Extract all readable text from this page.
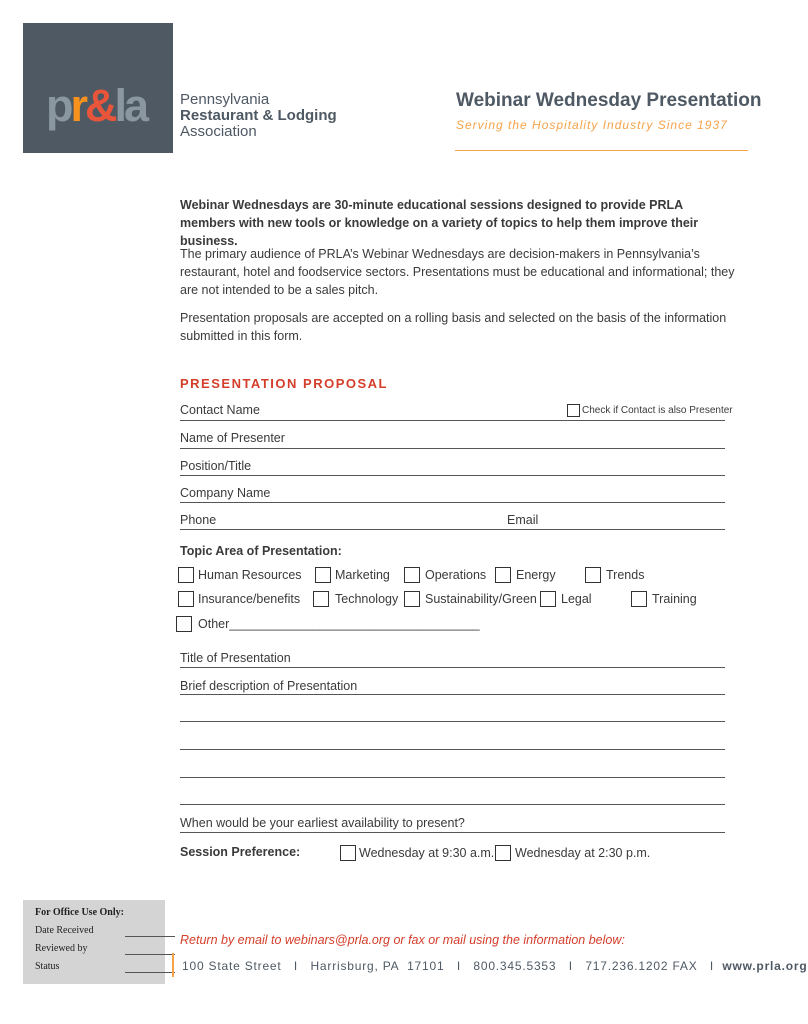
pr&la Pennsylvania
Restaurant & Lodging
Association
Webinar Wednesday Presentation
Serving the Hospitality Industry Since 1937
Webinar Wednesdays are 30-minute educational sessions designed to provide PRLA members with new tools or knowledge on a variety of topics to help them improve their business.
The primary audience of PRLA’s Webinar Wednesdays are decision-makers in Pennsylvania’s restaurant, hotel and foodservice sectors. Presentations must be educational and informational; they are not intended to be a sales pitch.
Presentation proposals are accepted on a rolling basis and selected on the basis of the information submitted in this form.
PRESENTATION PROPOSAL
Contact Name	Check if Contact is also Presenter
Name of Presenter
Position/Title
Company Name
Phone	Email
Topic Area of Presentation:
Human Resources	Marketing	Operations Energy	Trends
Insurance/benefits	Technology Sustainability/Green Legal	Training
Other____________________________________
Title of Presentation
Brief description of Presentation
When would be your earliest availability to present?
Session Preference:	Wednesday at 9:30 a.m. Wednesday at 2:30 p.m.
For Office Use Only:
Date Received
Reviewed by
Status
Return by email to webinars@prla.org or fax or mail using the information below:
100 State Street   I   Harrisburg, PA  17101   I   800.345.5353   I   717.236.1202 FAX   I  www.prla.org
